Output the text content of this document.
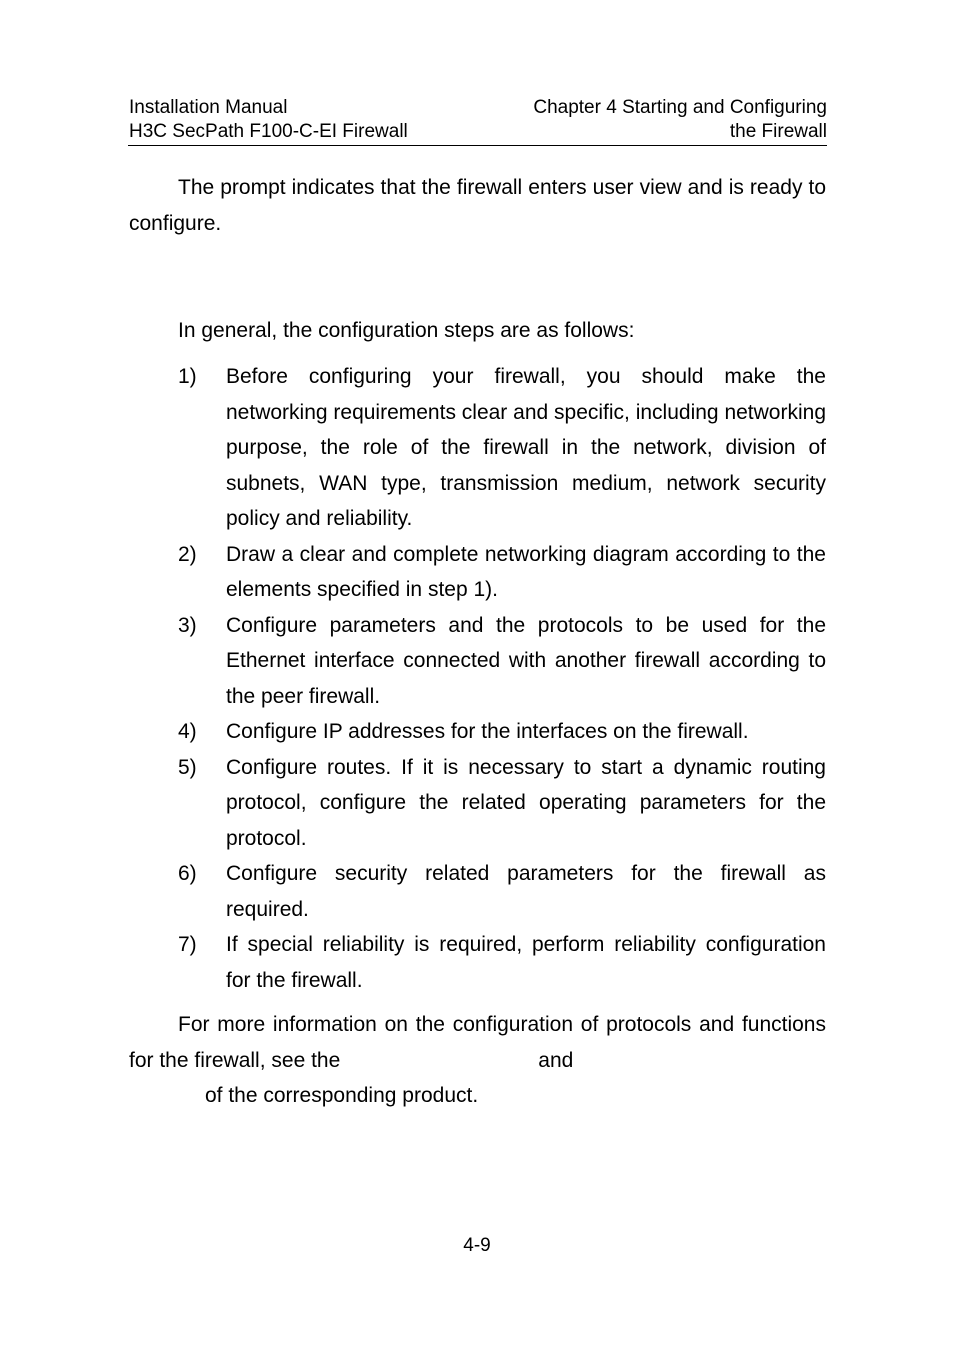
Installation Manual
H3C SecPath F100-C-EI Firewall
Chapter 4 Starting and Configuring
the Firewall
The prompt indicates that the firewall enters user view and is ready to configure.
In general, the configuration steps are as follows:
1) Before configuring your firewall, you should make the networking requirements clear and specific, including networking purpose, the role of the firewall in the network, division of subnets, WAN type, transmission medium, network security policy and reliability.
2) Draw a clear and complete networking diagram according to the elements specified in step 1).
3) Configure parameters and the protocols to be used for the Ethernet interface connected with another firewall according to the peer firewall.
4) Configure IP addresses for the interfaces on the firewall.
5) Configure routes. If it is necessary to start a dynamic routing protocol, configure the related operating parameters for the protocol.
6) Configure security related parameters for the firewall as required.
7) If special reliability is required, perform reliability configuration for the firewall.
For more information on the configuration of protocols and functions for the firewall, see the	and
of the corresponding product.
4-9
